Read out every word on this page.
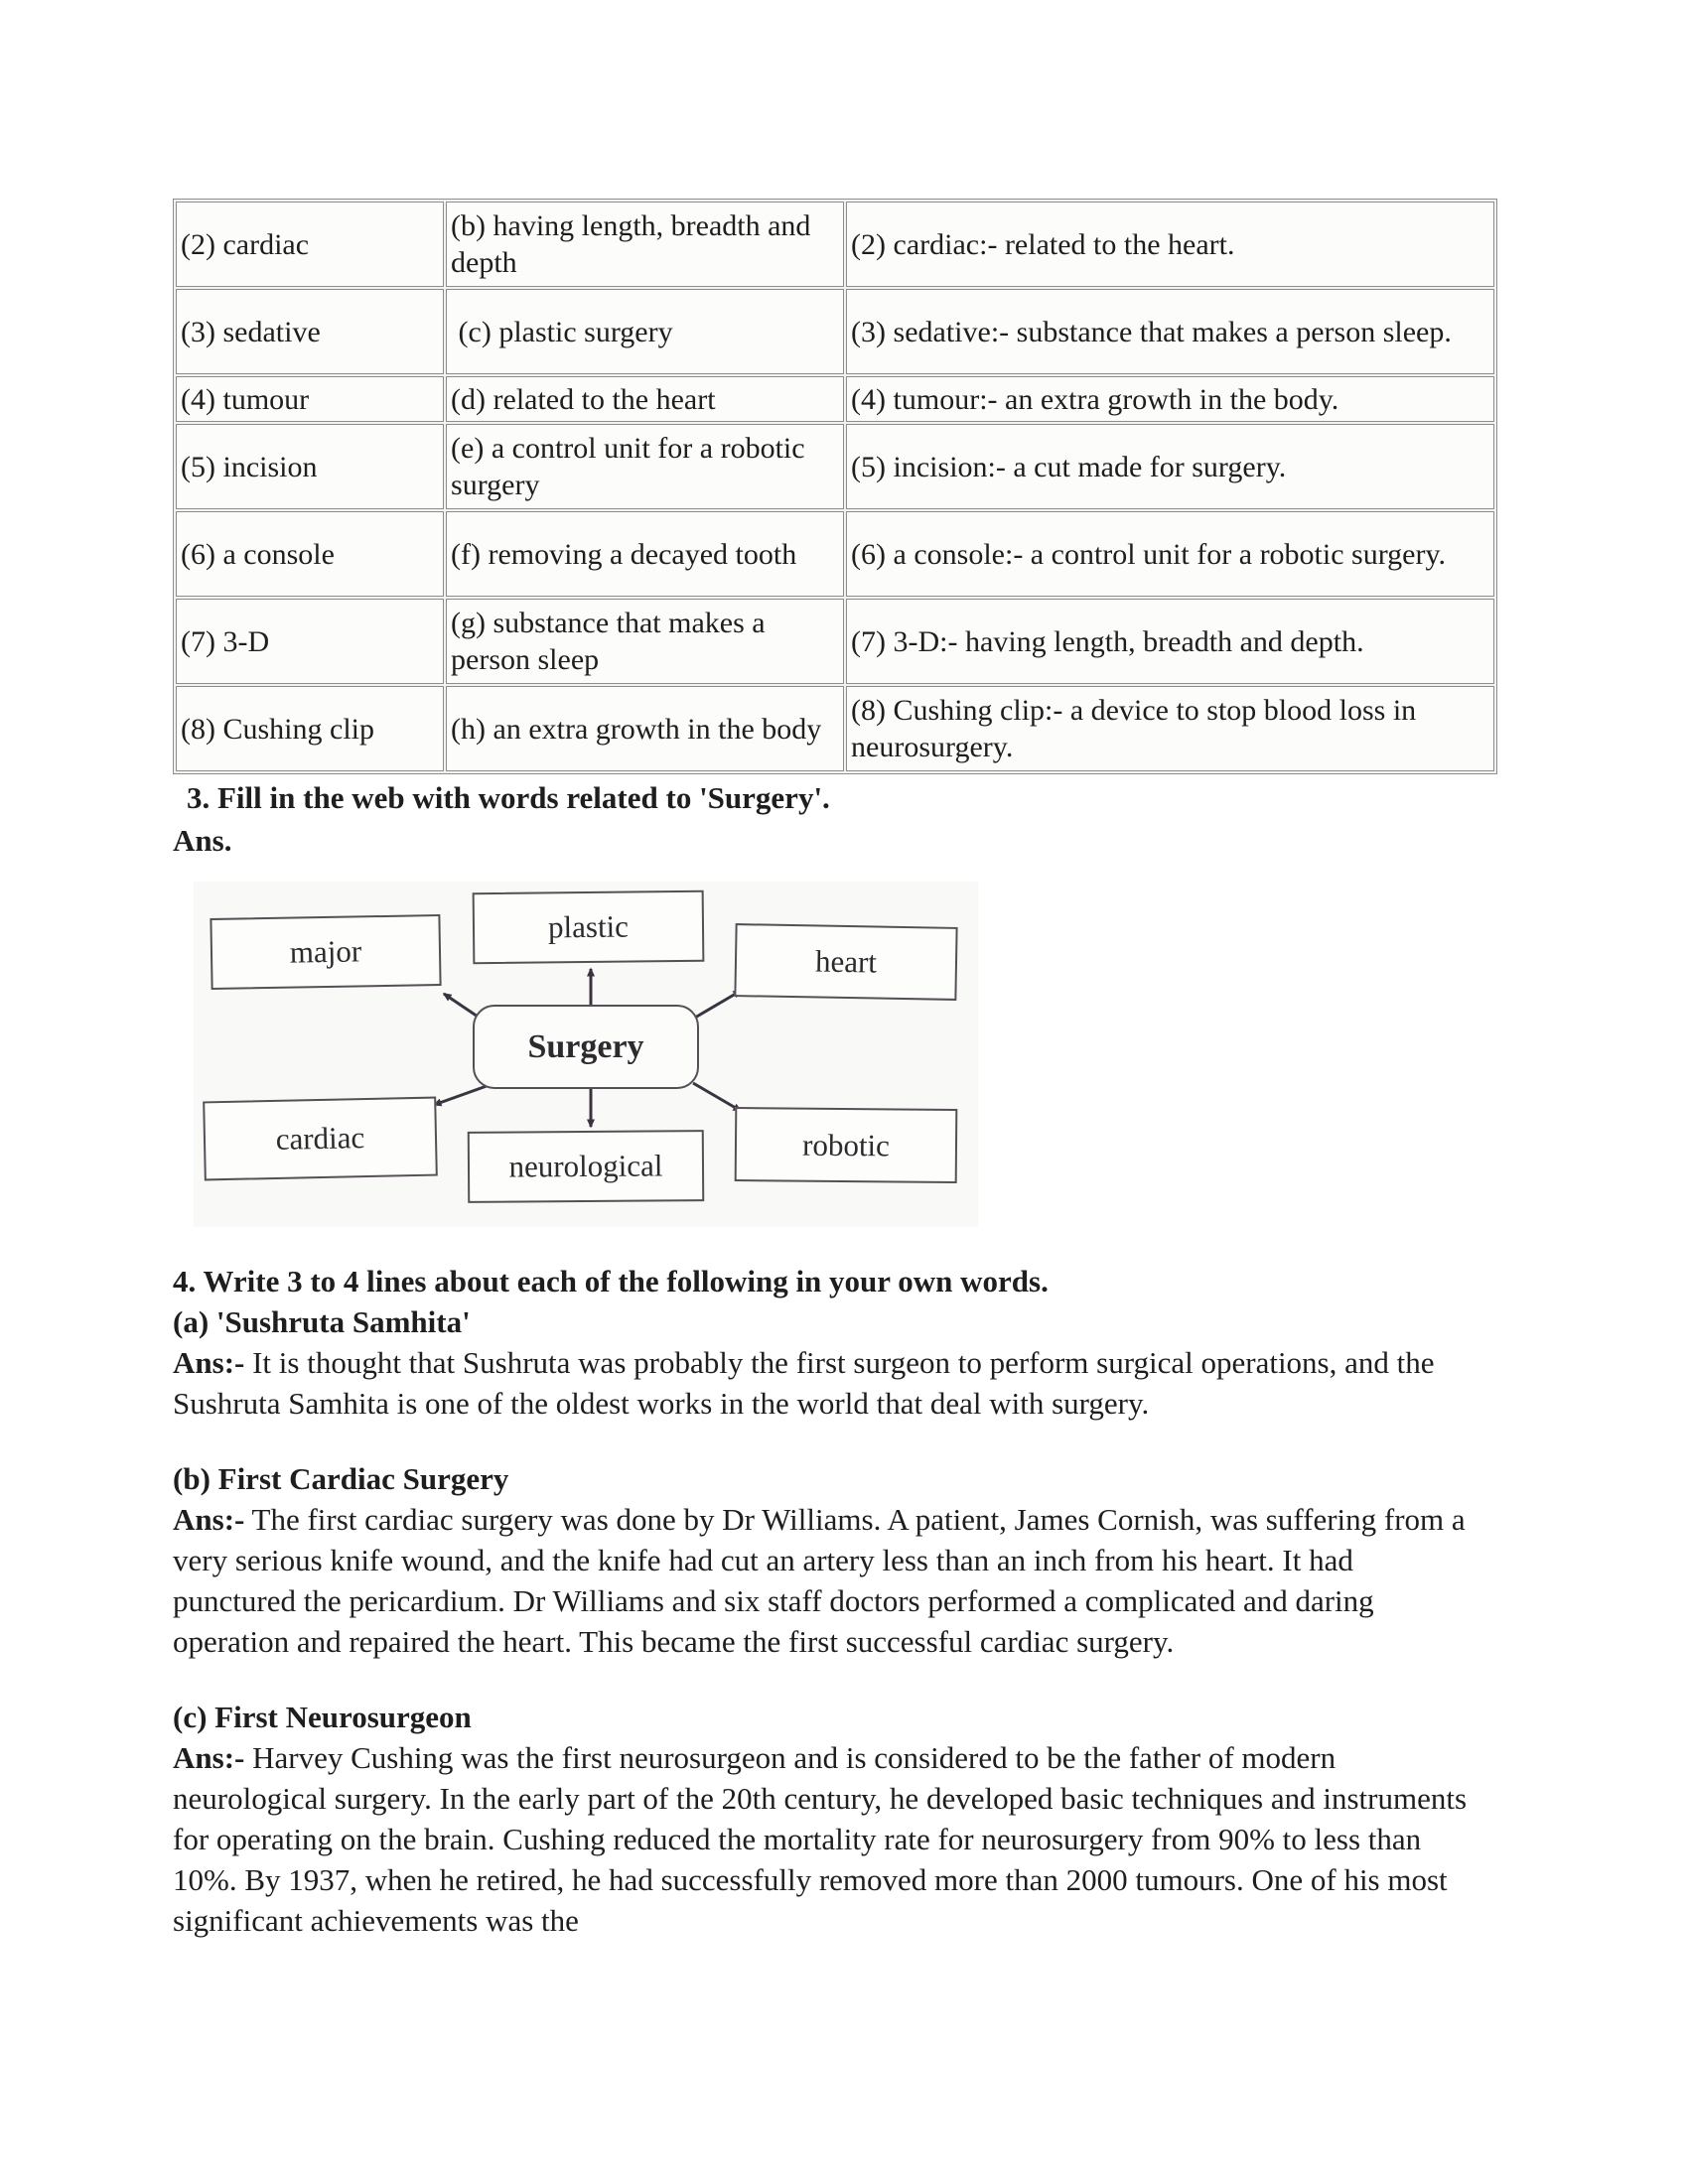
(2) cardiac	(b) having length, breadth and depth	(2) cardiac:- related to the heart.
(3) sedative	(c) plastic surgery	(3) sedative:- substance that makes a person sleep.
(4) tumour	(d) related to the heart	(4) tumour:- an extra growth in the body.
(5) incision	(e) a control unit for a robotic surgery	(5) incision:- a cut made for surgery.
(6) a console	(f) removing a decayed tooth	(6) a console:- a control unit for a robotic surgery.
(7) 3-D	(g) substance that makes a person sleep	(7) 3-D:- having length, breadth and depth.
(8) Cushing clip	(h) an extra growth in the body	(8) Cushing clip:- a device to stop blood loss in neurosurgery.
3. Fill in the web with words related to 'Surgery'.
Ans.
major
plastic
heart
cardiac
neurological
robotic
Surgery
4. Write 3 to 4 lines about each of the following in your own words.
(a) 'Sushruta Samhita'

Ans:- It is thought that Sushruta was probably the first surgeon to perform surgical operations, and the Sushruta Samhita is one of the oldest works in the world that deal with surgery.

(b) First Cardiac Surgery

Ans:- The first cardiac surgery was done by Dr Williams. A patient, James Cornish, was suffering from a very serious knife wound, and the knife had cut an artery less than an inch from his heart. It had punctured the pericardium. Dr Williams and six staff doctors performed a complicated and daring operation and repaired the heart. This became the first successful cardiac surgery.

(c) First Neurosurgeon

Ans:- Harvey Cushing was the first neurosurgeon and is considered to be the father of modern neurological surgery. In the early part of the 20th century, he developed basic techniques and instruments for operating on the brain. Cushing reduced the mortality rate for neurosurgery from 90% to less than 10%. By 1937, when he retired, he had successfully removed more than 2000 tumours. One of his most significant achievements was the
